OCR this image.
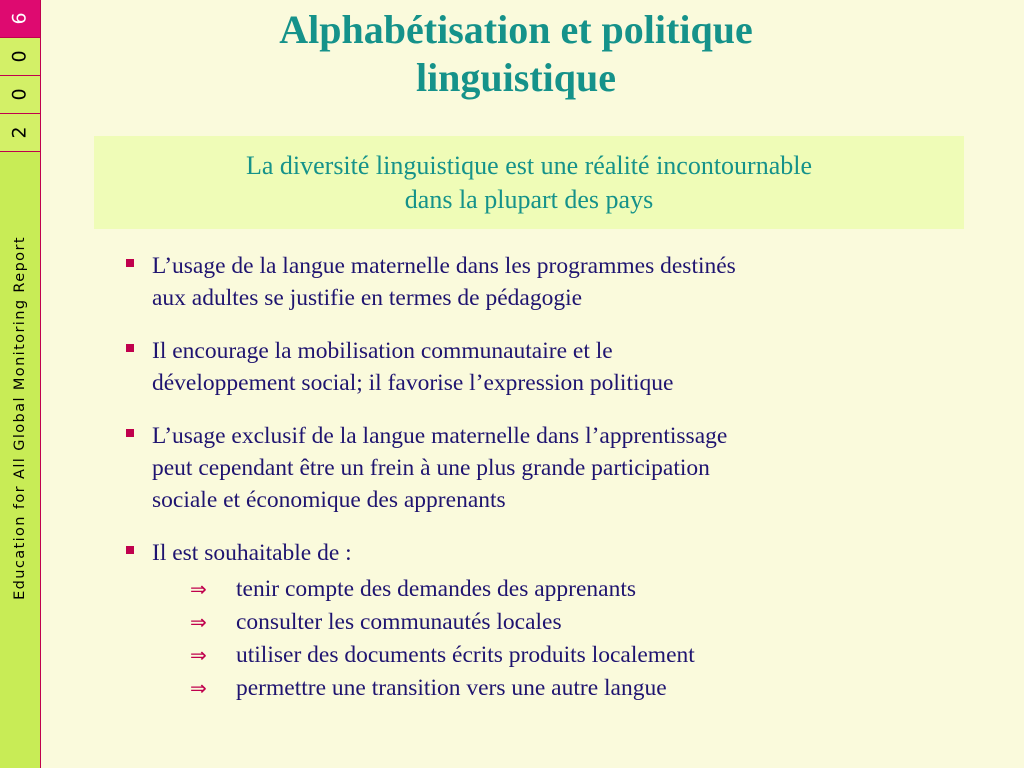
6
0
0
2
Education for All Global Monitoring Report
Alphabétisation et politique
linguistique
La diversité linguistique est une réalité incontournable
dans la plupart des pays
L’usage de la langue maternelle dans les programmes destinés
aux adultes se justifie en termes de pédagogie
Il encourage la mobilisation communautaire et le
développement social; il favorise l’expression politique
L’usage exclusif de la langue maternelle dans l’apprentissage
peut cependant être un frein à une plus grande participation
sociale et économique des apprenants
Il est souhaitable de :
⇒ tenir compte des demandes des apprenants
⇒ consulter les communautés locales
⇒ utiliser des documents écrits produits localement
⇒ permettre une transition vers une autre langue
